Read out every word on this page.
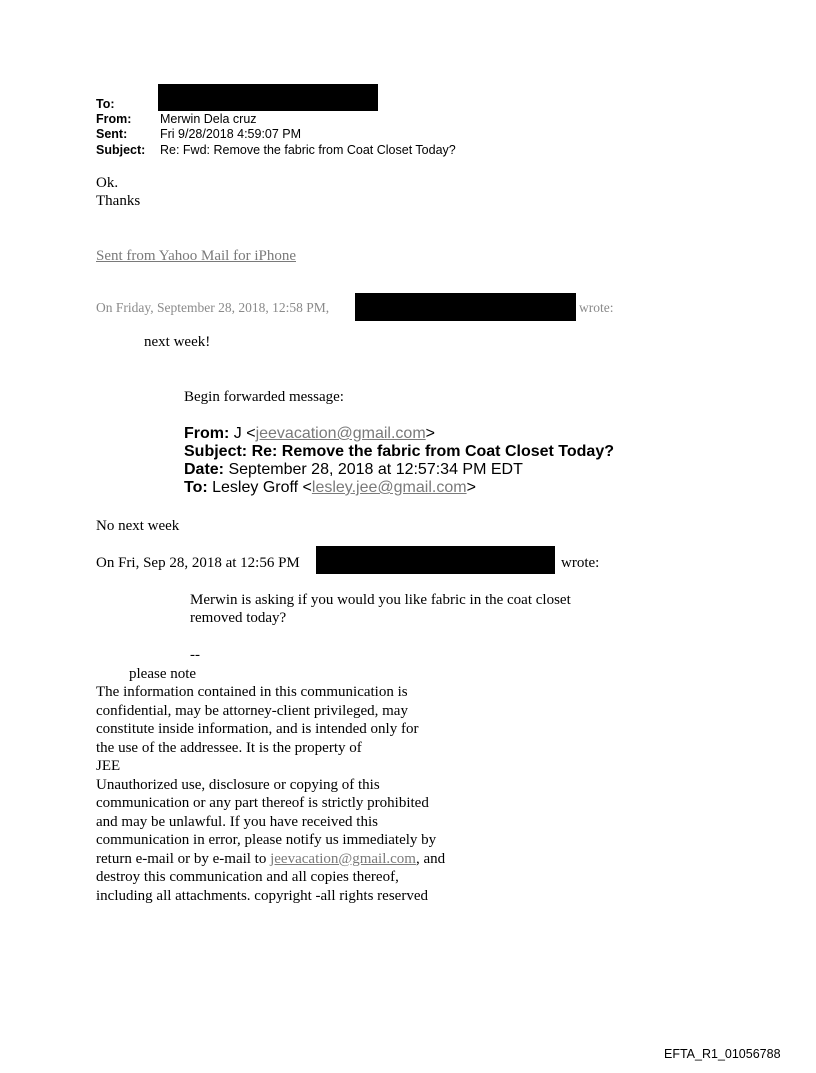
To:
From: Merwin Dela cruz
Sent:	Fri 9/28/2018 4:59:07 PM
Subject: Re: Fwd: Remove the fabric from Coat Closet Today?
Ok.
Thanks
Sent from Yahoo Mail for iPhone
On Friday, September 28, 2018, 12:58 PM,	wrote:
next week!
Begin forwarded message:
From: J <jeevacation@gmail.com>
Subject: Re: Remove the fabric from Coat Closet Today?
Date: September 28, 2018 at 12:57:34 PM EDT
To: Lesley Groff <lesley.jee@gmail.com>
No next week
On Fri, Sep 28, 2018 at 12:56 PM	wrote:
Merwin is asking if you would you like fabric in the coat closet
removed today?
--
please note
The information contained in this communication is
confidential, may be attorney-client privileged, may
constitute inside information, and is intended only for
the use of the addressee. It is the property of
JEE
Unauthorized use, disclosure or copying of this
communication or any part thereof is strictly prohibited
and may be unlawful. If you have received this
communication in error, please notify us immediately by
return e-mail or by e-mail to jeevacation@gmail.com, and
destroy this communication and all copies thereof,
including all attachments. copyright -all rights reserved
EFTA_R1_01056788
